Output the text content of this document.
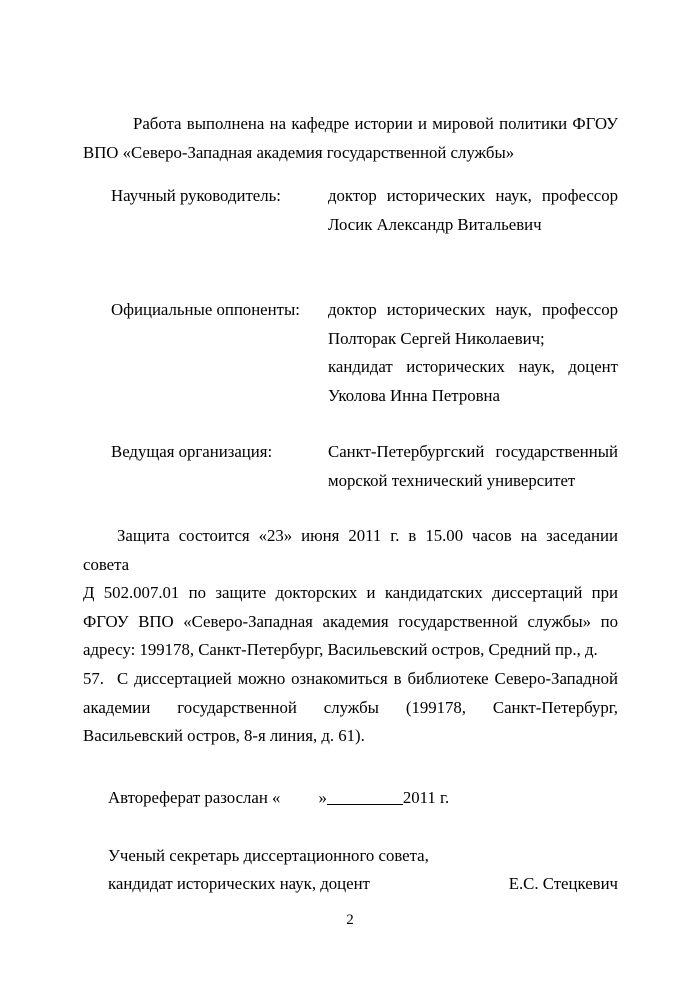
Работа выполнена на кафедре истории и мировой политики ФГОУ
ВПО «Северо-Западная академия государственной службы»
Научный руководитель:	доктор исторических наук, профессор
Лосик Александр Витальевич
Официальные оппоненты:	доктор исторических наук, профессор
Полторак Сергей Николаевич;
кандидат исторических наук, доцент
Уколова Инна Петровна
Ведущая организация:	Санкт-Петербургский государственный
морской технический университет
Защита состоится «23» июня 2011 г. в 15.00 часов на заседании совета
Д 502.007.01 по защите докторских и кандидатских диссертаций при
ФГОУ ВПО «Северо-Западная академия государственной службы» по
адресу: 199178, Санкт-Петербург, Васильевский остров, Средний пр., д. 57. С диссертацией можно ознакомиться в библиотеке Северо-Западной
академии государственной службы (199178, Санкт-Петербург,
Васильевский остров, 8-я линия, д. 61).
Автореферат разослан « »	2011 г.
Ученый секретарь диссертационного совета,
кандидат исторических наук, доцент	Е.С. Стецкевич
2
